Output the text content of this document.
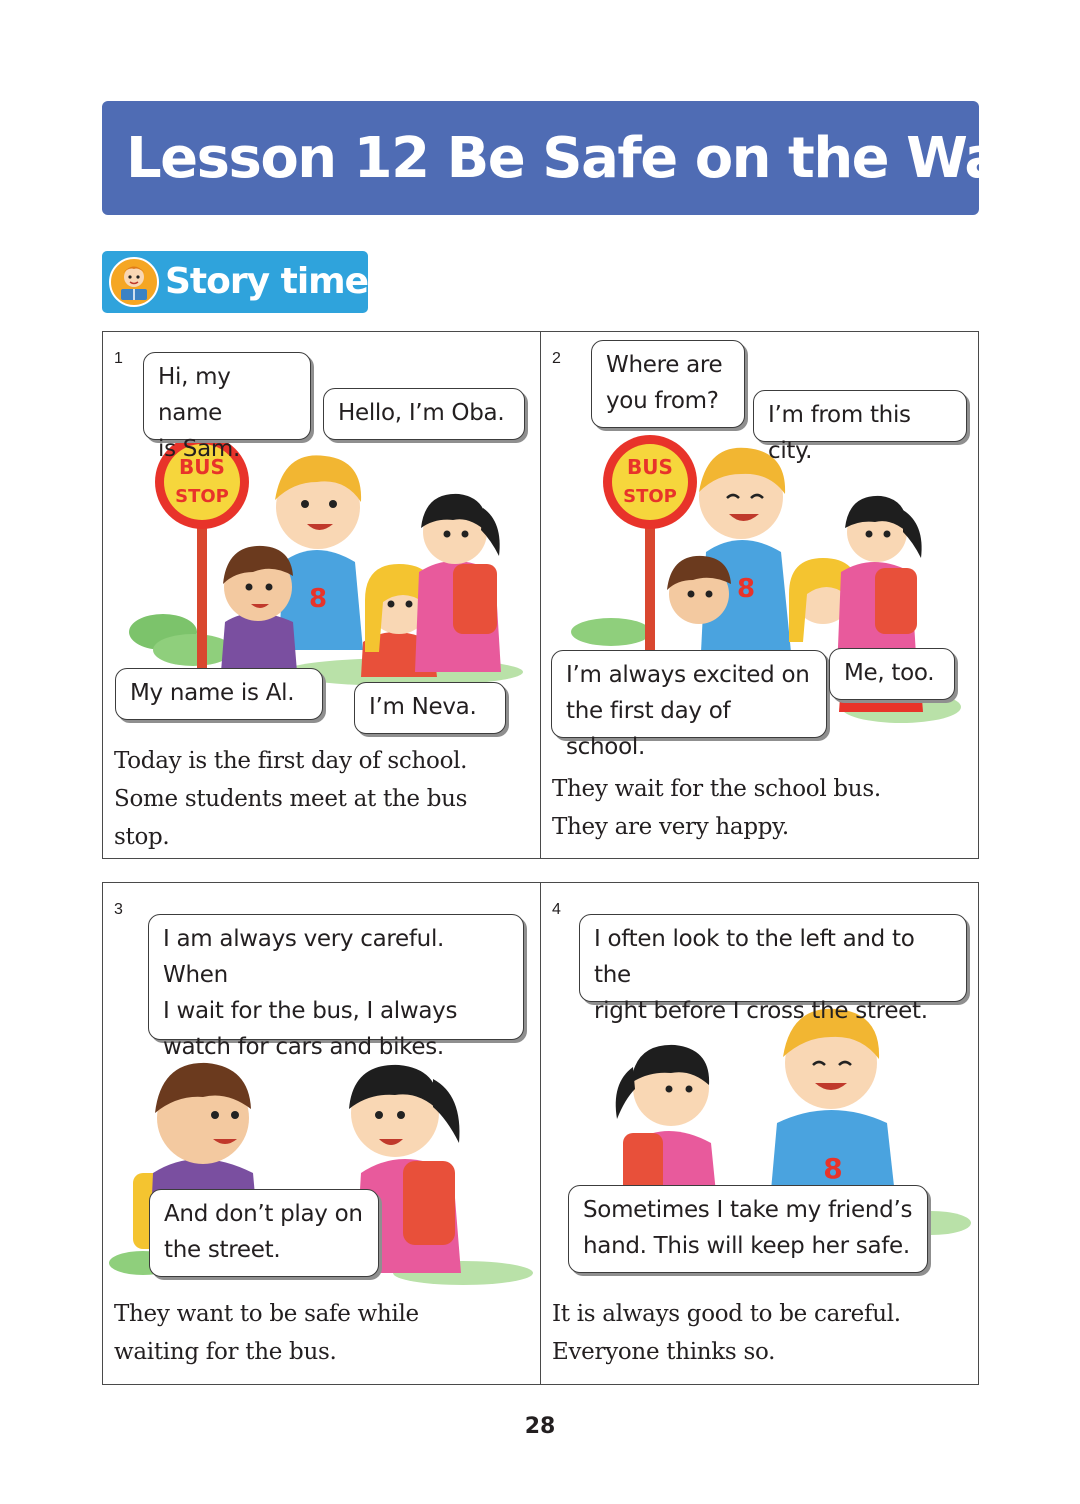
Lesson 12 Be Safe on the Way
Story time
BUS
STOP
8
1
Hi, my name
is Sam.
Hello, I’m Oba.
My name is Al.
I’m Neva.
Today is the first day of school.
Some students meet at the bus
stop.
BUS
STOP
8
2	Where are
you from?
I’m from this city.
I’m always excited on
the first day of school.
Me, too.
They wait for the school bus.
They are very happy.
3
I am always very careful. When
I wait for the bus, I always
watch for cars and bikes.
And don’t play on
the street.
They want to be safe while
waiting for the bus.
8
4
I often look to the left and to the
right before I cross the street.
Sometimes I take my friend’s
hand. This will keep her safe.
It is always good to be careful.
Everyone thinks so.
28
